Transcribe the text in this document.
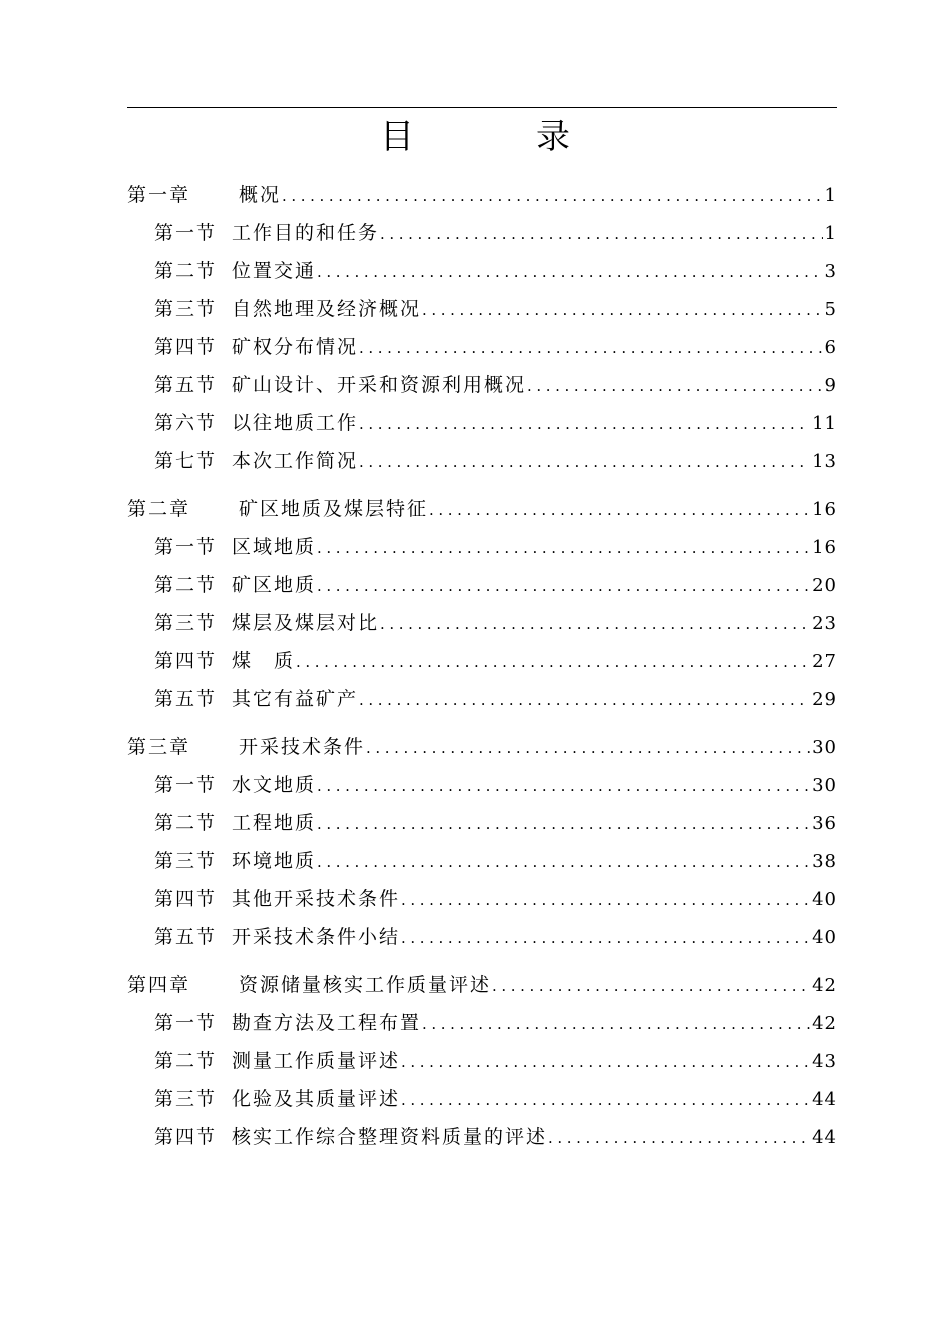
目　录
第一章	概况 .....	1
第一节 工作目的和任务 .....	1
第二节 位置交通 .....	3
第三节 自然地理及经济概况 .....	5
第四节 矿权分布情况 .....	6
第五节 矿山设计、开采和资源利用概况 .....	9
第六节 以往地质工作 .....	11
第七节 本次工作简况 .....	13
第二章	矿区地质及煤层特征 .....	16
第一节 区域地质 .....	16
第二节 矿区地质 .....	20
第三节 煤层及煤层对比 .....	23
第四节 煤　质 .....	27
第五节 其它有益矿产 .....	29
第三章	开采技术条件 .....	30
第一节 水文地质 .....	30
第二节 工程地质 .....	36
第三节 环境地质 .....	38
第四节 其他开采技术条件 .....	40
第五节 开采技术条件小结 .....	40
第四章	资源储量核实工作质量评述 .....	42
第一节 勘查方法及工程布置 .....	42
第二节 测量工作质量评述 .....	43
第三节 化验及其质量评述 .....	44
第四节 核实工作综合整理资料质量的评述 .....	44
